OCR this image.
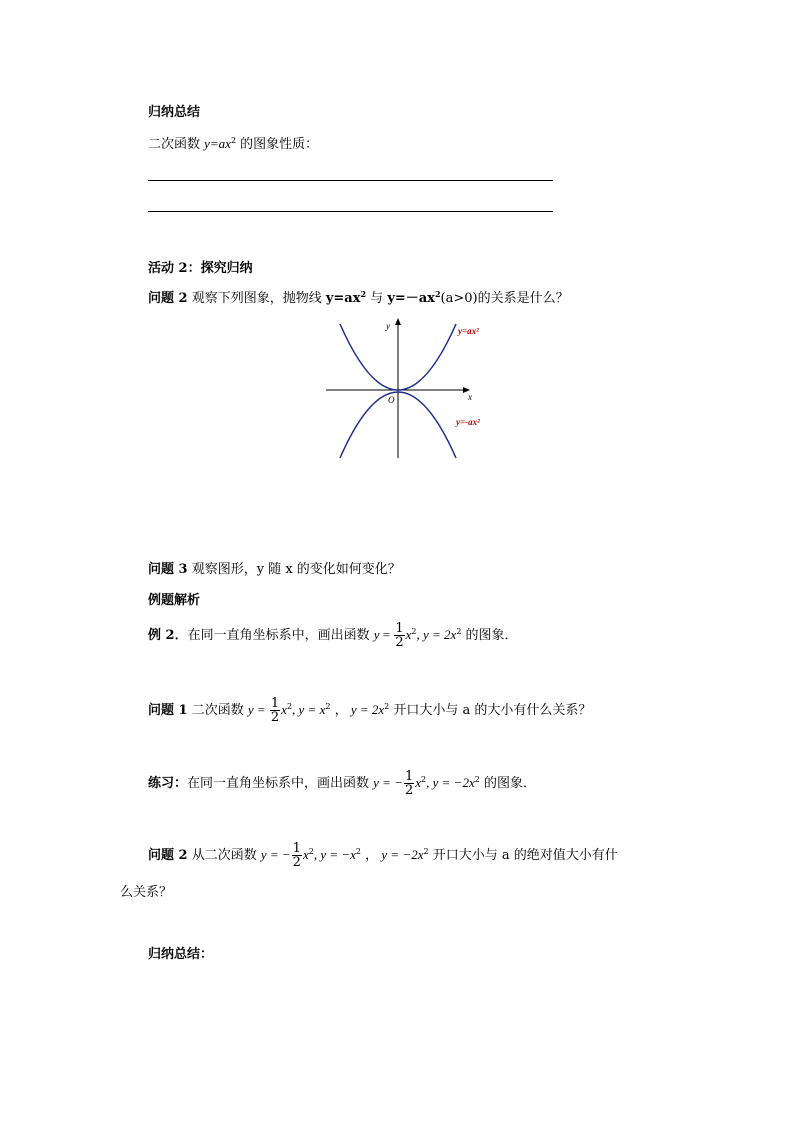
归纳总结
二次函数 $y=ax^2$ 的图象性质：
活动 2：探究归纳
问题 2 观察下列图象，抛物线 $y=ax^2$ 与 $y=-ax^2(a>0)$的关系是什么？
y
x
O
y=ax²
y=-ax²
问题 3 观察图形，y 随 x 的变化如何变化？
例题解析
例 2．在同一直角坐标系中，画出函数 $y = \frac{1}{2} x^2$, $y = 2x^2$ 的图象．
问题 1 二次函数 $y = \frac{1}{2} x^2$, $y = x^2$ ， $y = 2x^2$ 开口大小与 a 的大小有什么关系？
练习：在同一直角坐标系中，画出函数 y = − $\frac{1}{2} x^2$, $y = -2x^2$ 的图象．
问题 2 从二次函数 y = − $\frac{1}{2} x^2$, $y = -x^2$ ， $y = -2x^2$ 开口大小与 a 的绝对值大小有什
么关系？
归纳总结：
